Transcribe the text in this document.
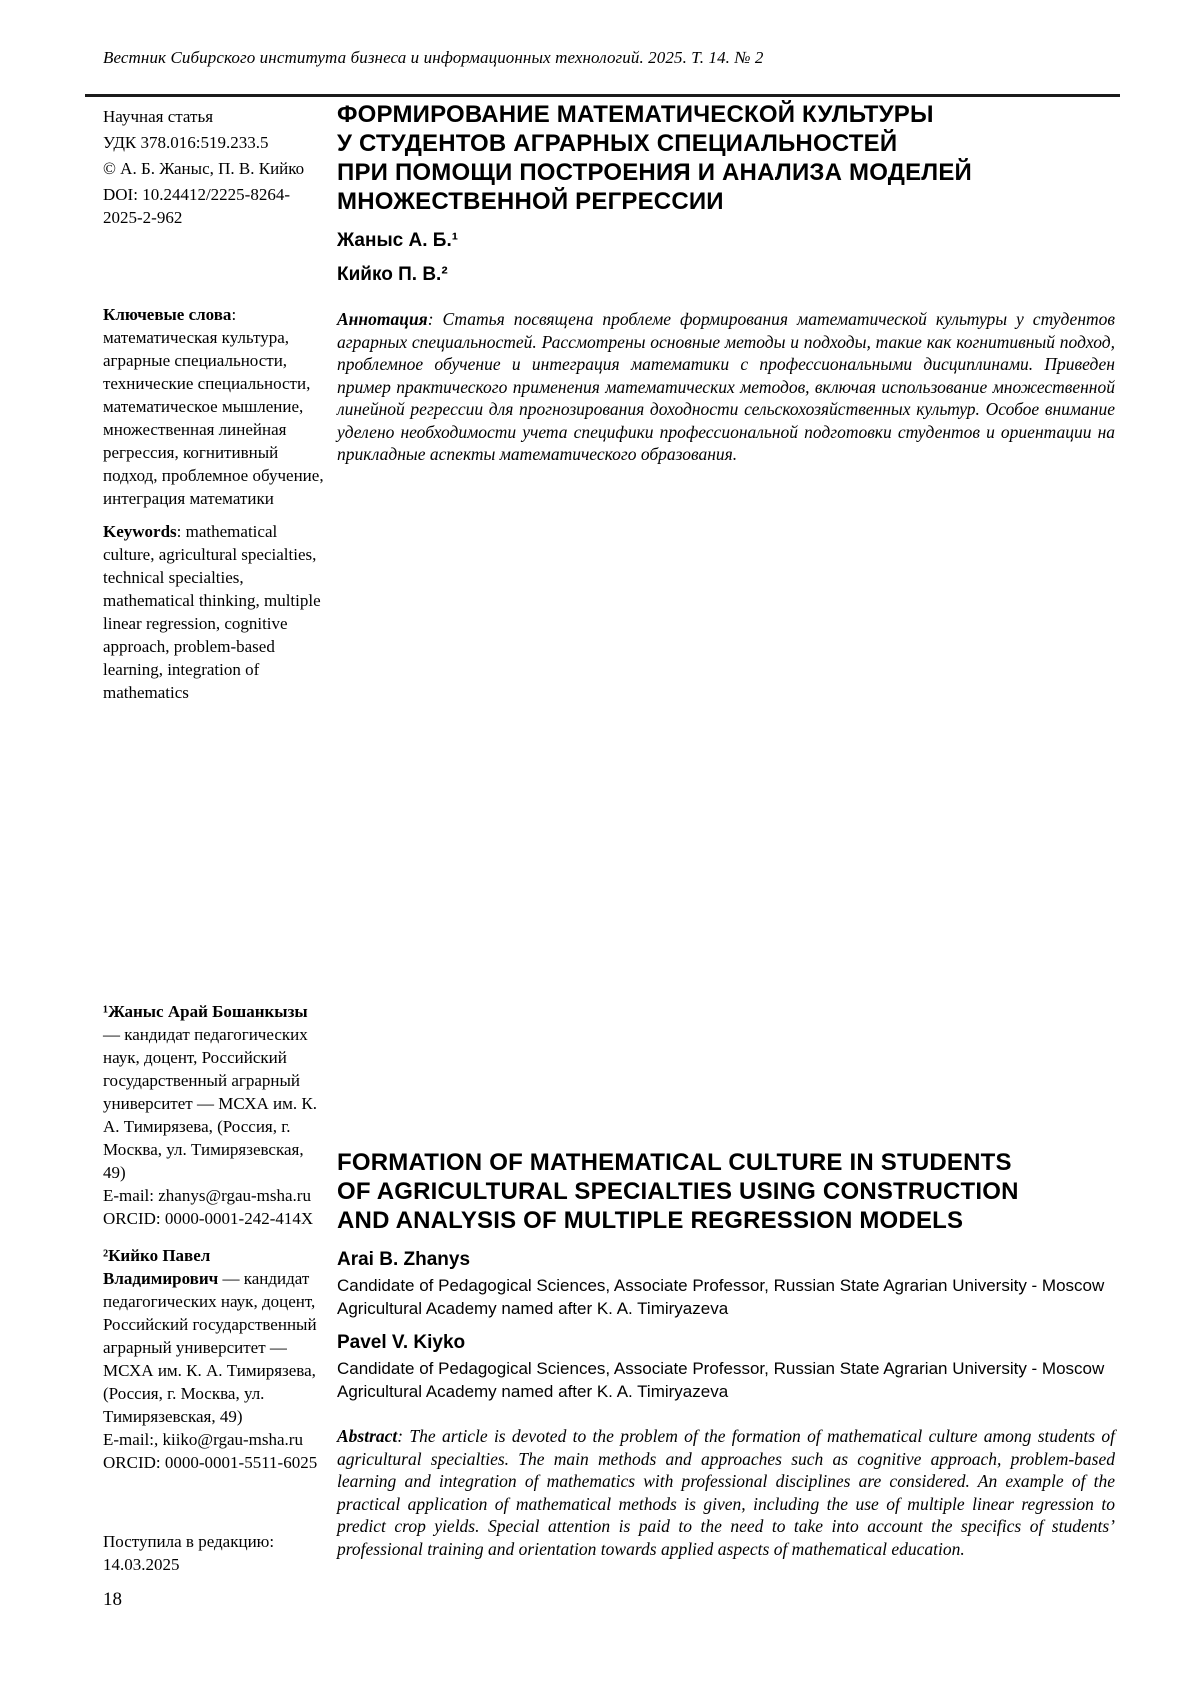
Вестник Сибирского института бизнеса и информационных технологий. 2025. Т. 14. № 2
Научная статья
УДК 378.016:519.233.5
© А. Б. Жаныс, П. В. Кийко
DOI: 10.24412/2225-8264-2025-2-962

Ключевые слова: математическая культура, аграрные специальности, технические специальности, математическое мышление, множественная линейная регрессия, когнитивный подход, проблемное обучение, интеграция математики

Keywords: mathematical culture, agricultural specialties, technical specialties, mathematical thinking, multiple linear regression, cognitive approach, problem-based learning, integration of mathematics

¹Жаныс Арай Бошанкызы — кандидат педагогических наук, доцент, Российский государственный аграрный университет — МСХА им. К. А. Тимирязева, (Россия, г. Москва, ул. Тимирязевская, 49)
E-mail: zhanys@rgau-msha.ru
ORCID: 0000-0001-242-414X
²Кийко Павел Владимирович — кандидат педагогических наук, доцент, Российский государственный аграрный университет — МСХА им. К. А. Тимирязева, (Россия, г. Москва, ул. Тимирязевская, 49)
E-mail:, kiiko@rgau-msha.ru
ORCID: 0000-0001-5511-6025
Поступила в редакцию: 14.03.2025
18
ФОРМИРОВАНИЕ МАТЕМАТИЧЕСКОЙ КУЛЬТУРЫ
У СТУДЕНТОВ АГРАРНЫХ СПЕЦИАЛЬНОСТЕЙ
ПРИ ПОМОЩИ ПОСТРОЕНИЯ И АНАЛИЗА МОДЕЛЕЙ
МНОЖЕСТВЕННОЙ РЕГРЕССИИ
Жаныс А. Б.¹
Кийко П. В.²

Аннотация: Статья посвящена проблеме формирования математической культуры у студентов аграрных специальностей. Рассмотрены основные методы и подходы, такие как когнитивный подход, проблемное обучение и интеграция математики с профессиональными дисциплинами. Приведен пример практического применения математических методов, включая использование множественной линейной регрессии для прогнозирования доходности сельскохозяйственных культур. Особое внимание уделено необходимости учета специфики профессиональной подготовки студентов и ориентации на прикладные аспекты математического образования.

FORMATION OF MATHEMATICAL CULTURE IN STUDENTS
OF AGRICULTURAL SPECIALTIES USING CONSTRUCTION
AND ANALYSIS OF MULTIPLE REGRESSION MODELS
Arai B. Zhanys
Candidate of Pedagogical Sciences, Associate Professor, Russian State Agrarian University - Moscow Agricultural Academy named after K. A. Timiryazeva
Pavel V. Kiyko
Candidate of Pedagogical Sciences, Associate Professor, Russian State Agrarian University - Moscow Agricultural Academy named after K. A. Timiryazeva

Abstract: The article is devoted to the problem of the formation of mathematical culture among students of agricultural specialties. The main methods and approaches such as cognitive approach, problem-based learning and integration of mathematics with professional disciplines are considered. An example of the practical application of mathematical methods is given, including the use of multiple linear regression to predict crop yields. Special attention is paid to the need to take into account the specifics of students’ professional training and orientation towards applied aspects of mathematical education.
